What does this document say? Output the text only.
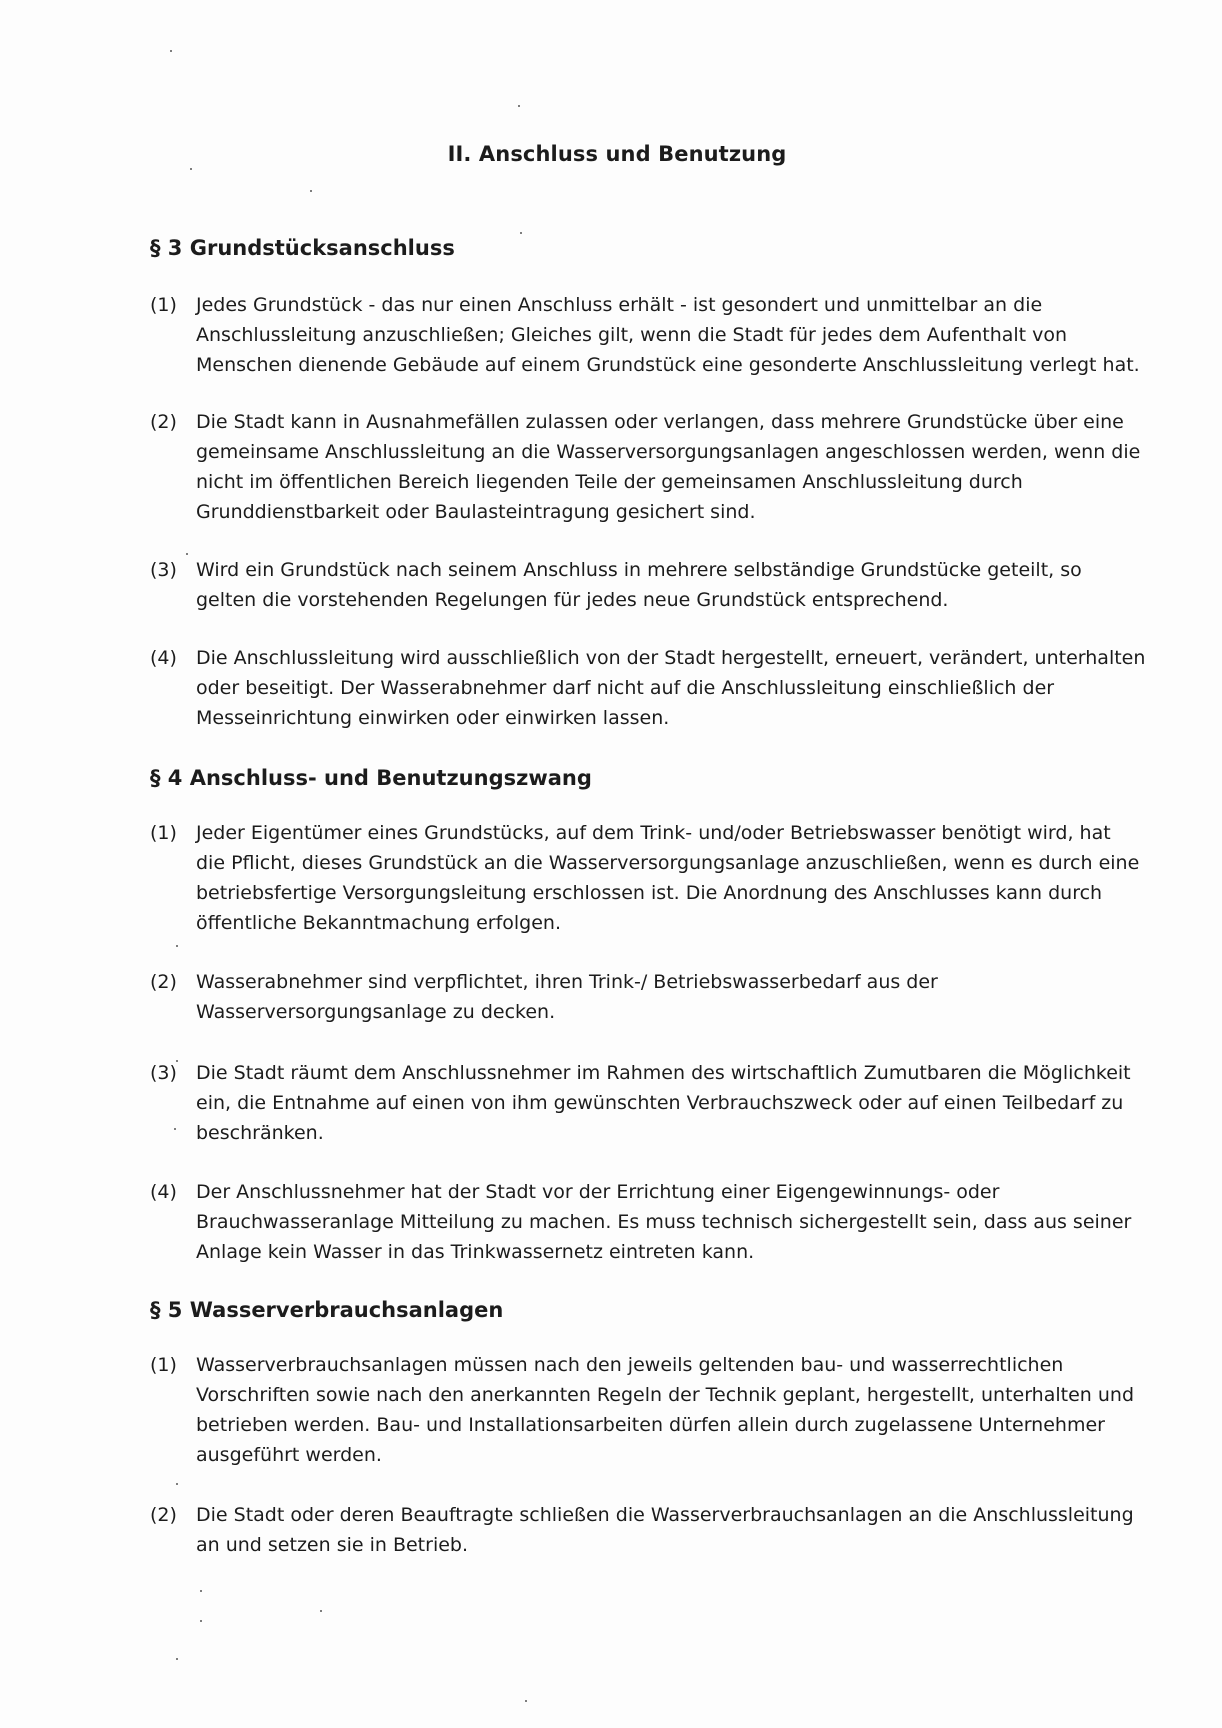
II. Anschluss und Benutzung
§ 3 Grundstücksanschluss
(1)	Jedes Grundstück - das nur einen Anschluss erhält - ist gesondert und unmittelbar an die
Anschlussleitung anzuschließen; Gleiches gilt, wenn die Stadt für jedes dem Aufenthalt von
Menschen dienende Gebäude auf einem Grundstück eine gesonderte Anschlussleitung verlegt hat.
(2)	Die Stadt kann in Ausnahmefällen zulassen oder verlangen, dass mehrere Grundstücke über eine
gemeinsame Anschlussleitung an die Wasserversorgungsanlagen angeschlossen werden, wenn die
nicht im öffentlichen Bereich liegenden Teile der gemeinsamen Anschlussleitung durch
Grunddienstbarkeit oder Baulasteintragung gesichert sind.
(3)	Wird ein Grundstück nach seinem Anschluss in mehrere selbständige Grundstücke geteilt, so
gelten die vorstehenden Regelungen für jedes neue Grundstück entsprechend.
(4)	Die Anschlussleitung wird ausschließlich von der Stadt hergestellt, erneuert, verändert, unterhalten
oder beseitigt. Der Wasserabnehmer darf nicht auf die Anschlussleitung einschließlich der
Messeinrichtung einwirken oder einwirken lassen.
§ 4 Anschluss- und Benutzungszwang
(1)	Jeder Eigentümer eines Grundstücks, auf dem Trink- und/oder Betriebswasser benötigt wird, hat
die Pflicht, dieses Grundstück an die Wasserversorgungsanlage anzuschließen, wenn es durch eine
betriebsfertige Versorgungsleitung erschlossen ist. Die Anordnung des Anschlusses kann durch
öffentliche Bekanntmachung erfolgen.
(2)	Wasserabnehmer sind verpflichtet, ihren Trink-/ Betriebswasserbedarf aus der
Wasserversorgungsanlage zu decken.
(3)	Die Stadt räumt dem Anschlussnehmer im Rahmen des wirtschaftlich Zumutbaren die Möglichkeit
ein, die Entnahme auf einen von ihm gewünschten Verbrauchszweck oder auf einen Teilbedarf zu
beschränken.
(4)	Der Anschlussnehmer hat der Stadt vor der Errichtung einer Eigengewinnungs- oder
Brauchwasseranlage Mitteilung zu machen. Es muss technisch sichergestellt sein, dass aus seiner
Anlage kein Wasser in das Trinkwassernetz eintreten kann.
§ 5 Wasserverbrauchsanlagen
(1)	Wasserverbrauchsanlagen müssen nach den jeweils geltenden bau- und wasserrechtlichen
Vorschriften sowie nach den anerkannten Regeln der Technik geplant, hergestellt, unterhalten und
betrieben werden. Bau- und Installationsarbeiten dürfen allein durch zugelassene Unternehmer
ausgeführt werden.
(2)	Die Stadt oder deren Beauftragte schließen die Wasserverbrauchsanlagen an die Anschlussleitung
an und setzen sie in Betrieb.
